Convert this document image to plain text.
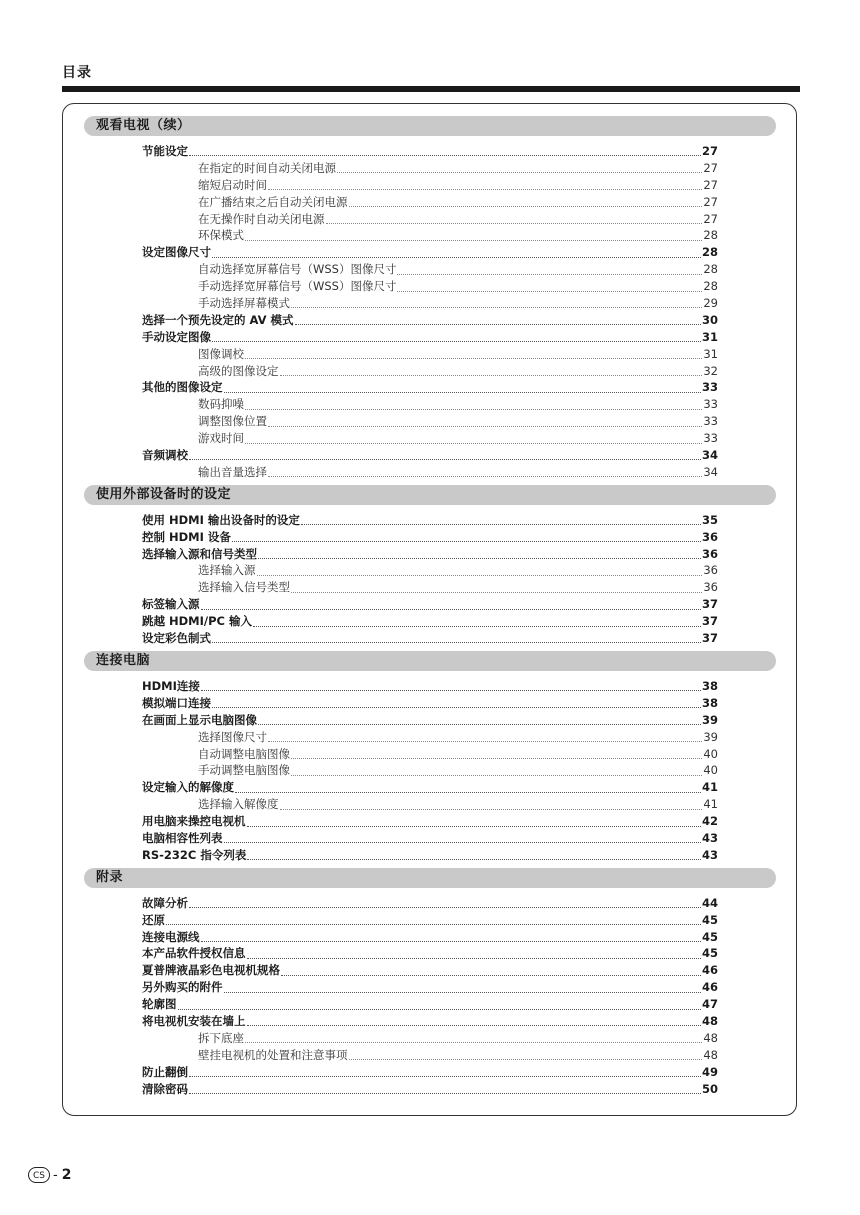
目录
观看电视（续）
节能设定	27
在指定的时间自动关闭电源	27
缩短启动时间	27
在广播结束之后自动关闭电源	27
在无操作时自动关闭电源	27
环保模式	28
设定图像尺寸	28
自动选择宽屏幕信号（WSS）图像尺寸	28
手动选择宽屏幕信号（WSS）图像尺寸	28
手动选择屏幕模式	29
选择一个预先设定的 AV 模式	30
手动设定图像	31
图像调校	31
高级的图像设定	32
其他的图像设定	33
数码抑噪	33
调整图像位置	33
游戏时间	33
音频调校	34
输出音量选择	34
使用外部设备时的设定
使用 HDMI 输出设备时的设定	35
控制 HDMI 设备	36
选择输入源和信号类型	36
选择输入源	36
选择输入信号类型	36
标签输入源	37
跳越 HDMI/PC 输入	37
设定彩色制式	37
连接电脑
HDMI连接	38
模拟端口连接	38
在画面上显示电脑图像	39
选择图像尺寸	39
自动调整电脑图像	40
手动调整电脑图像	40
设定输入的解像度	41
选择输入解像度	41
用电脑来操控电视机	42
电脑相容性列表	43
RS-232C 指令列表	43
附录
故障分析	44
还原	45
连接电源线	45
本产品软件授权信息	45
夏普牌液晶彩色电视机规格	46
另外购买的附件	46
轮廓图	47
将电视机安装在墙上	48
拆下底座	48
壁挂电视机的处置和注意事项	48
防止翻倒	49
清除密码	50
CS - 2
